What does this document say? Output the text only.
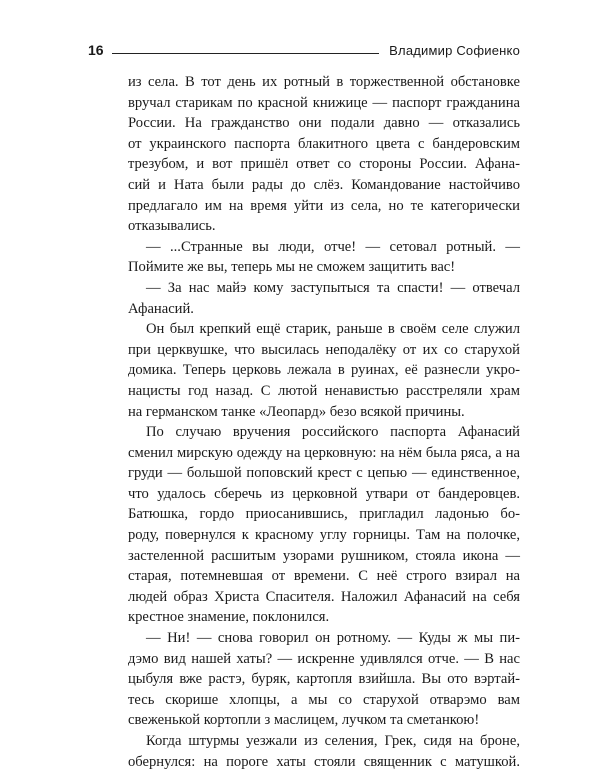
16	Владимир Софиенко
из села. В тот день их ротный в торжественной обстановке
вручал старикам по красной книжице — паспорт гражданина
России. На гражданство они подали давно — отказались
от украинского паспорта блакитного цвета с бандеровским
трезубом, и вот пришёл ответ со стороны России. Афана-
сий и Ната были рады до слёз. Командование настойчиво
предлагало им на время уйти из села, но те категорически
отказывались.
— ...Странные вы люди, отче! — сетовал ротный. —
Поймите же вы, теперь мы не сможем защитить вас!
— За нас майэ кому заступытыся та спасти! — отвечал
Афанасий.
Он был крепкий ещё старик, раньше в своём селе служил
при церквушке, что высилась неподалёку от их со старухой
домика. Теперь церковь лежала в руинах, её разнесли укро-
нацисты год назад. С лютой ненавистью расстреляли храм
на германском танке «Леопард» безо всякой причины.
По случаю вручения российского паспорта Афанасий
сменил мирскую одежду на церковную: на нём была ряса, а на
груди — большой поповский крест с цепью — единственное,
что удалось сберечь из церковной утвари от бандеровцев.
Батюшка, гордо приосанившись, пригладил ладонью бо-
роду, повернулся к красному углу горницы. Там на полочке,
застеленной расшитым узорами рушником, стояла икона —
старая, потемневшая от времени. С неё строго взирал на
людей образ Христа Спасителя. Наложил Афанасий на себя
крестное знамение, поклонился.
— Ни! — снова говорил он ротному. — Куды ж мы пи-
дэмо вид нашей хаты? — искренне удивлялся отче. — В нас
цыбуля вже растэ, буряк, картопля взийшла. Вы ото вэртай-
тесь скорише хлопцы, а мы со старухой отварэмо вам
свеженькой кортопли з маслицем, лучком та сметанкою!
Когда штурмы уезжали из селения, Грек, сидя на броне,
обернулся: на пороге хаты стояли священник с матушкой.
